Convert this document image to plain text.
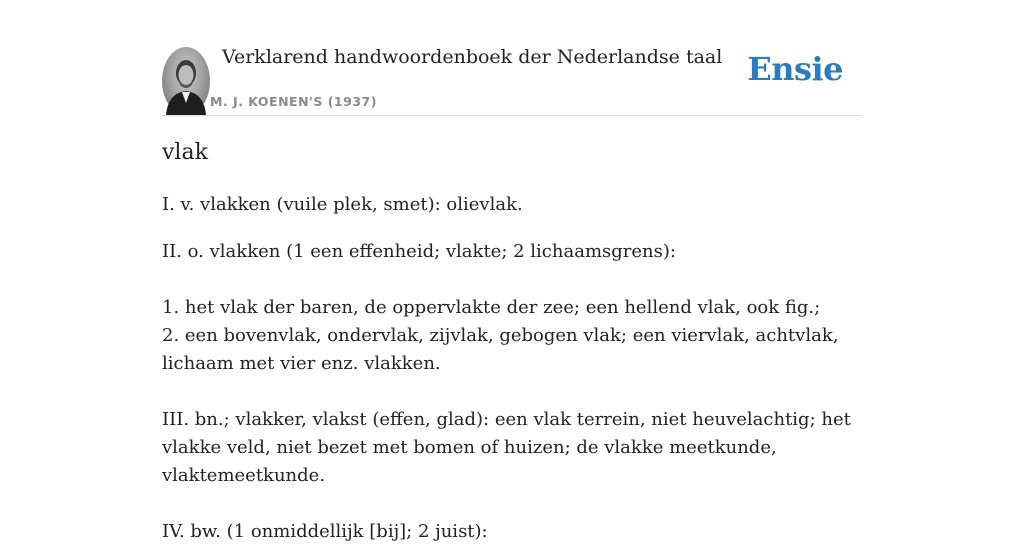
Verklarend handwoordenboek der Nederlandse taal
M. J. KOENEN'S (1937)
Ensie
vlak

I. v. vlakken (vuile plek, smet): olievlak.

II. o. vlakken (1 een effenheid; vlakte; 2 lichaamsgrens):

1. het vlak der baren, de oppervlakte der zee; een hellend vlak, ook fig.;

2. een bovenvlak, ondervlak, zijvlak, gebogen vlak; een viervlak, achtvlak, lichaam met vier enz. vlakken.

III. bn.; vlakker, vlakst (effen, glad): een vlak terrein, niet heuvelachtig; het vlakke veld, niet bezet met bomen of huizen; de vlakke meetkunde, vlaktemeetkunde.

IV. bw. (1 onmiddellijk [bij]; 2 juist):
